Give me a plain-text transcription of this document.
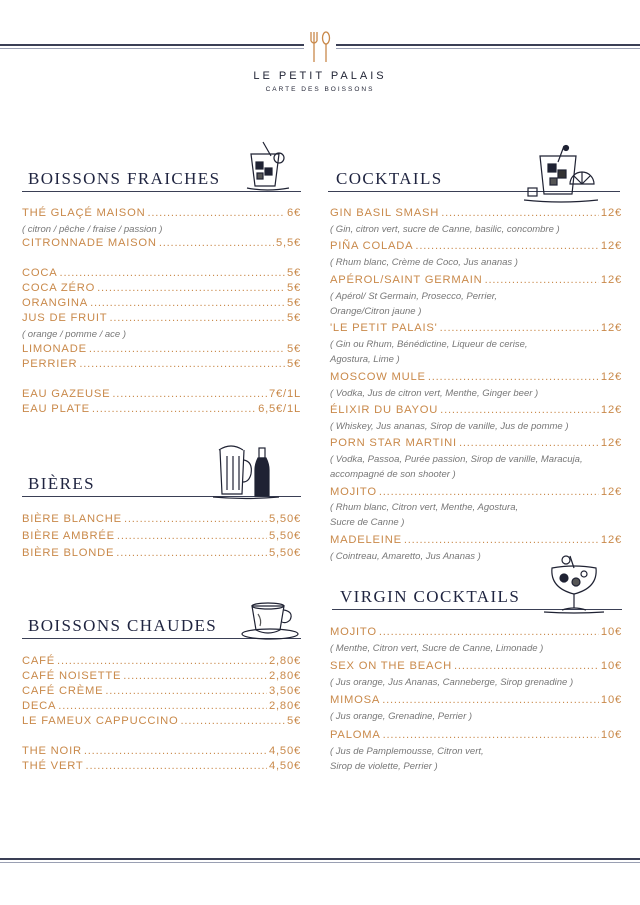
LE PETIT PALAIS
CARTE DES BOISSONS
BOISSONS FRAICHES
THÉ GLAÇÉ MAISON .....	6€
( citron / pêche / fraise / passion )
CITRONNADE MAISON .....	5,5€
COCA .....	5€
COCA ZÉRO .....	5€
ORANGINA .....	5€
JUS DE FRUIT .....	5€
( orange / pomme / ace )
LIMONADE .....	5€
PERRIER .....	5€
EAU GAZEUSE .....	7€/1L
EAU PLATE .....	6,5€/1L
BIÈRES
BIÈRE BLANCHE .....	5,50€
BIÈRE AMBRÉE .....	5,50€
BIÈRE BLONDE .....	5,50€
BOISSONS CHAUDES
CAFÉ .....	2,80€
CAFÉ NOISETTE .....	2,80€
CAFÉ CRÈME .....	3,50€
DECA .....	2,80€
LE FAMEUX CAPPUCCINO .....	5€
THE NOIR .....	4,50€
THÉ VERT .....	4,50€
COCKTAILS
GIN BASIL SMASH .....	12€
( Gin, citron vert, sucre de Canne, basilic, concombre )
PIÑA COLADA .....	12€
( Rhum blanc, Crème de Coco, Jus ananas )
APÉROL/SAINT GERMAIN .....	12€
( Apérol/ St Germain, Prosecco, Perrier,
Orange/Citron jaune )
'LE PETIT PALAIS' .....	12€
( Gin ou Rhum, Bénédictine, Liqueur de cerise,
Agostura, Lime )
MOSCOW MULE .....	12€
( Vodka, Jus de citron vert, Menthe, Ginger beer )
ÉLIXIR DU BAYOU .....	12€
( Whiskey, Jus ananas, Sirop de vanille, Jus de pomme )
PORN STAR MARTINI .....	12€
( Vodka, Passoa, Purée passion, Sirop de vanille, Maracuja,
accompagné de son shooter )
MOJITO .....	12€
( Rhum blanc, Citron vert, Menthe, Agostura,
Sucre de Canne )
MADELEINE .....	12€
( Cointreau, Amaretto, Jus Ananas )
VIRGIN COCKTAILS
MOJITO .....	10€
( Menthe, Citron vert, Sucre de Canne, Limonade )
SEX ON THE BEACH .....	10€
( Jus orange, Jus Ananas, Canneberge, Sirop grenadine )
MIMOSA .....	10€
( Jus orange, Grenadine, Perrier )
PALOMA .....	10€
( Jus de Pamplemousse, Citron vert,
Sirop de violette, Perrier )
